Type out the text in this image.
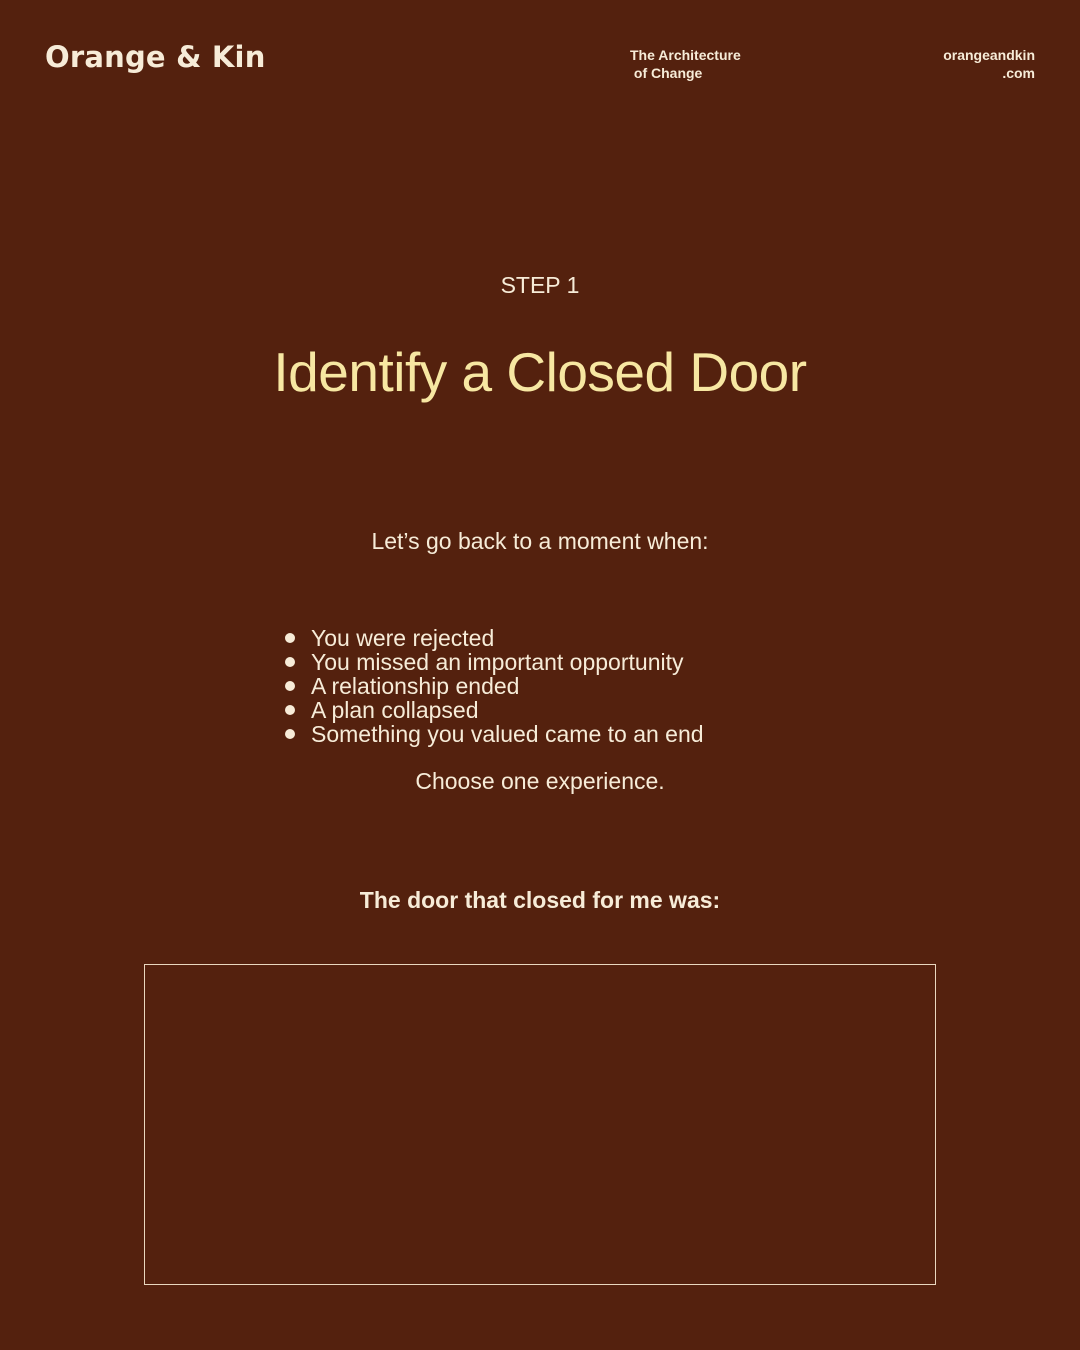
Orange & Kin	The Architecture
of Change
orangeandkin
.com
STEP 1
Identify a Closed Door
Let’s go back to a moment when:
You were rejected
You missed an important opportunity
A relationship ended
A plan collapsed
Something you valued came to an end
Choose one experience.
The door that closed for me was:
